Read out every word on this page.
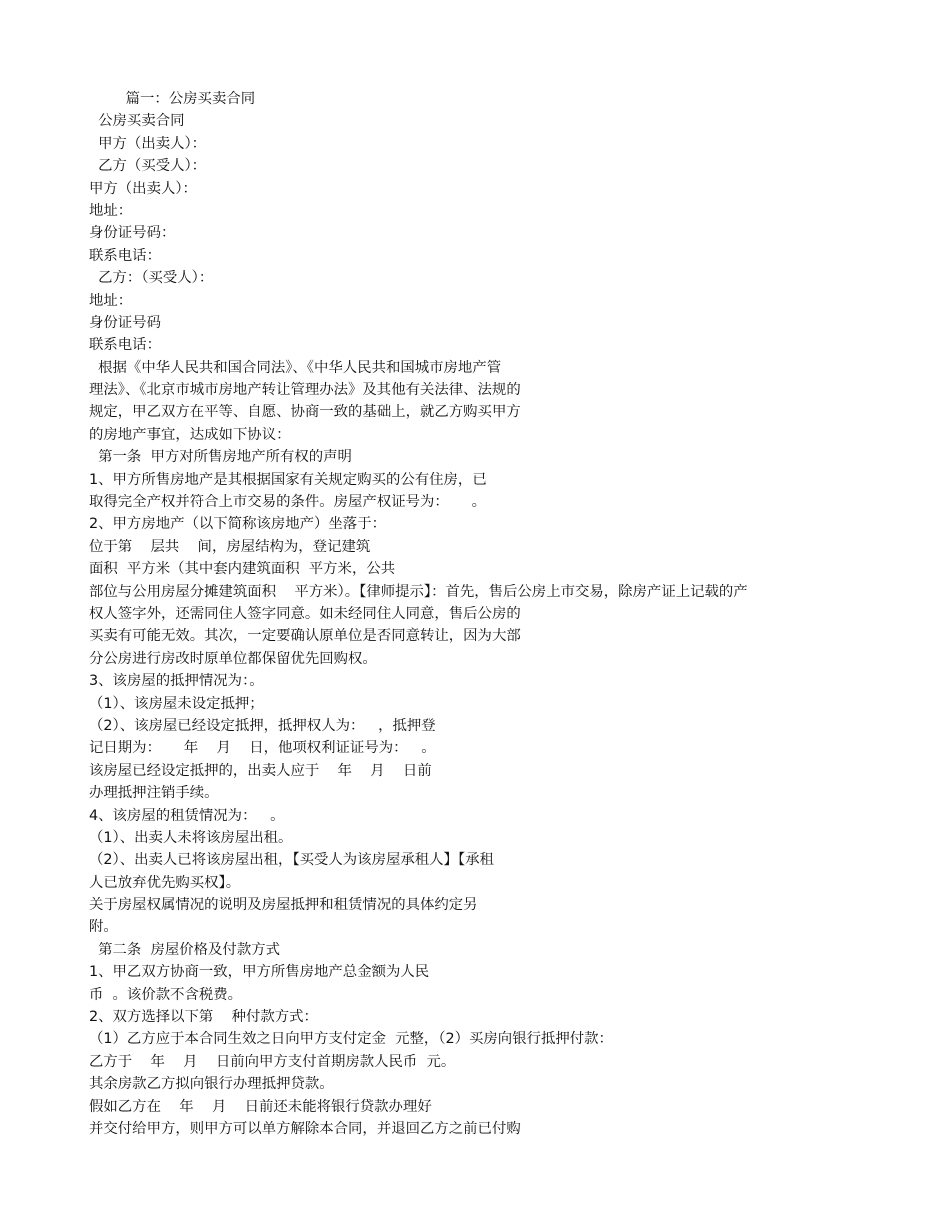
篇一：公房买卖合同
公房买卖合同
甲方（出卖人）：
乙方（买受人）：
甲方（出卖人）：
地址：
身份证号码：
联系电话：
乙方：（买受人）：
地址：
身份证号码
联系电话：
根据《中华人民共和国合同法》、《中华人民共和国城市房地产管
理法》、《北京市城市房地产转让管理办法》及其他有关法律、法规的
规定，甲乙双方在平等、自愿、协商一致的基础上，就乙方购买甲方
的房地产事宜，达成如下协议：
第一条  甲方对所售房地产所有权的声明
1、甲方所售房地产是其根据国家有关规定购买的公有住房，已
取得完全产权并符合上市交易的条件。房屋产权证号为：     。
2、甲方房地产（以下简称该房地产）坐落于：
位于第    层共    间，房屋结构为，登记建筑
面积  平方米（其中套内建筑面积  平方米，公共
部位与公用房屋分摊建筑面积    平方米）。【律师提示】：首先，售后公房上市交易，除房产证上记载的产
权人签字外，还需同住人签字同意。如未经同住人同意，售后公房的
买卖有可能无效。其次，一定要确认原单位是否同意转让，因为大部
分公房进行房改时原单位都保留优先回购权。
3、该房屋的抵押情况为：。
（1）、该房屋未设定抵押；
（2）、该房屋已经设定抵押，抵押权人为：   ，抵押登
记日期为：     年    月    日，他项权利证证号为：   。
该房屋已经设定抵押的，出卖人应于    年    月    日前
办理抵押注销手续。
4、该房屋的租赁情况为：   。
（1）、出卖人未将该房屋出租。
（2）、出卖人已将该房屋出租，【买受人为该房屋承租人】【承租
人已放弃优先购买权】。
关于房屋权属情况的说明及房屋抵押和租赁情况的具体约定另
附。
第二条  房屋价格及付款方式
1、甲乙双方协商一致，甲方所售房地产总金额为人民
币  。该价款不含税费。
2、双方选择以下第    种付款方式：
（1）乙方应于本合同生效之日向甲方支付定金  元整，（2）买房向银行抵押付款：
乙方于    年    月    日前向甲方支付首期房款人民币  元。
其余房款乙方拟向银行办理抵押贷款。
假如乙方在    年    月    日前还未能将银行贷款办理好
并交付给甲方，则甲方可以单方解除本合同，并退回乙方之前已付购
